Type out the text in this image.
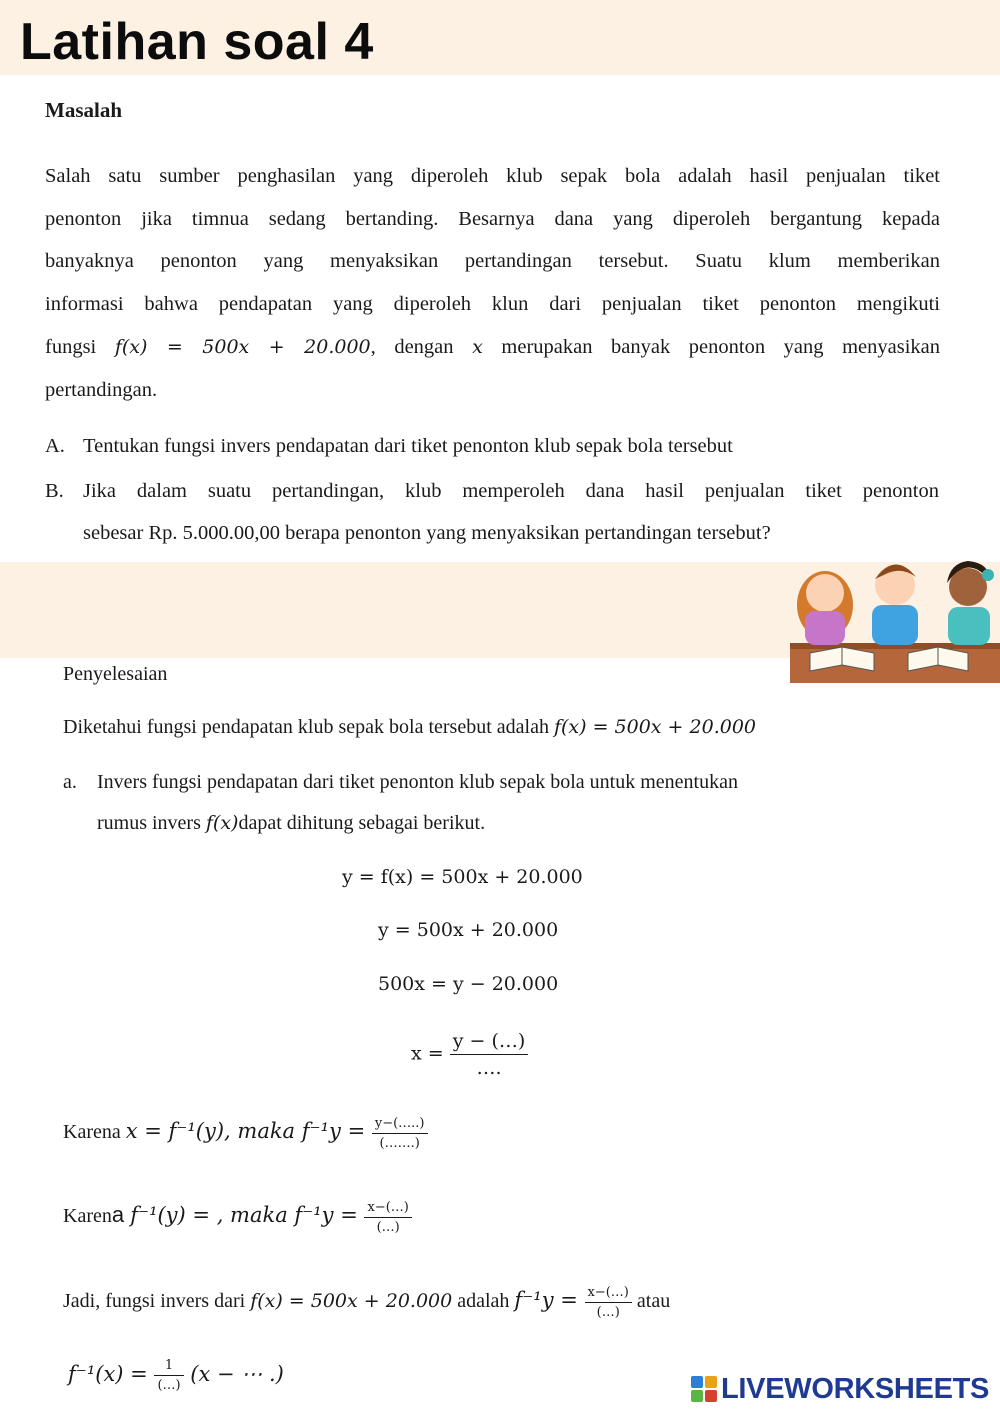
Latihan soal 4
Masalah
Salah satu sumber penghasilan yang diperoleh klub sepak bola adalah hasil penjualan tiket
penonton jika timnua sedang bertanding. Besarnya dana yang diperoleh bergantung kepada
banyaknya penonton yang menyaksikan pertandingan tersebut. Suatu klum memberikan
informasi bahwa pendapatan yang diperoleh klun dari penjualan tiket penonton mengikuti
fungsi f(x) = 500x + 20.000, dengan x merupakan banyak penonton yang menyasikan
pertandingan.
A. Tentukan fungsi invers pendapatan dari tiket penonton klub sepak bola tersebut
B. Jika dalam suatu pertandingan, klub memperoleh dana hasil penjualan tiket penonton
sebesar Rp. 5.000.00,00 berapa penonton yang menyaksikan pertandingan tersebut?
Penyelesaian
Diketahui fungsi pendapatan klub sepak bola tersebut adalah f(x) = 500x + 20.000
a. Invers fungsi pendapatan dari tiket penonton klub sepak bola untuk menentukan
rumus invers f(x)dapat dihitung sebagai berikut.
y = f(x) = 500x + 20.000
y = 500x + 20.000
500x = y − 20.000
$x = \frac{y - (\dots)}{\dots.}$
Karena x = f⁻¹(y), maka $f^{-1}y = \frac{y-(\dots..)}{(\dots\dots.)}$
Karena f⁻¹(y) = , maka $f^{-1}y = \frac{x-(\dots)}{(\dots)}$
Jadi, fungsi invers dari f(x) = 500x + 20.000 adalah $f^{-1}y = \frac{x-(\dots)}{(\dots)}$ atau
$f^{-1}(x) = \frac{1}{(\dots)} (x$ − ⋯ .)	LIVEWORKSHEETS
